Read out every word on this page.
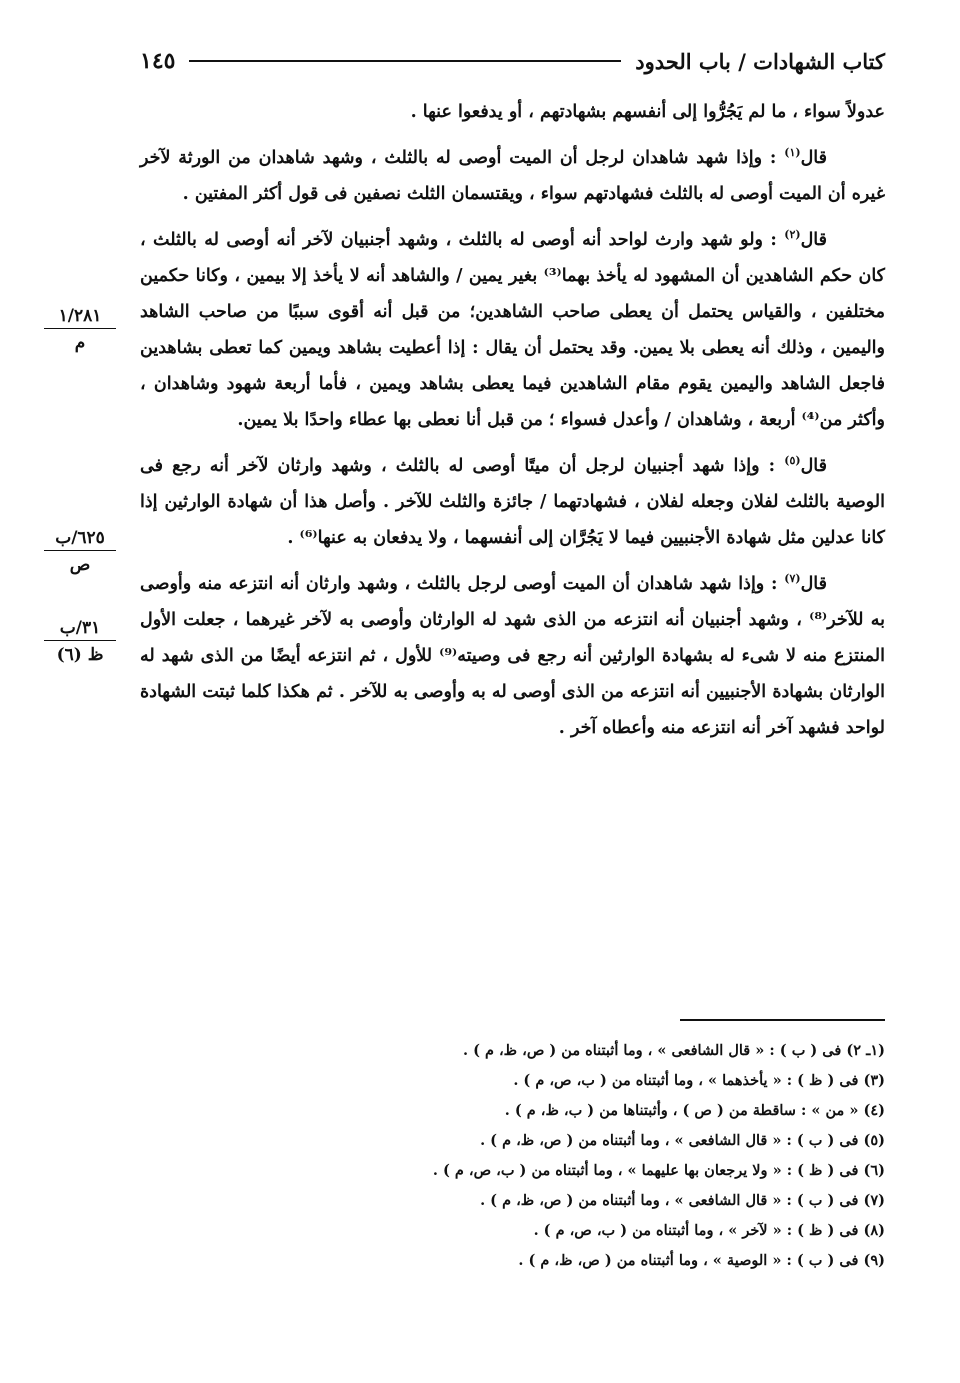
كتاب الشهادات / باب الحدود
١٤٥

عدولاً سواء ، ما لم يَجُرُّوا إلى أنفسهم بشهادتهم ، أو يدفعوا عنها .

قال$^{(١)}$ : وإذا شهد شاهدان لرجل أن الميت أوصى له بالثلث ، وشهد شاهدان من الورثة لآخر غيره أن الميت أوصى له بالثلث فشهادتهم سواء ، ويقتسمان الثلث نصفين فى قول أكثر المفتين .

قال$^{(٢)}$ : ولو شهد وارث لواحد أنه أوصى له بالثلث ، وشهد أجنبيان لآخر أنه أوصى له بالثلث ، كان حكم الشاهدين أن المشهود له يأخذ بهما⁽³⁾ بغير يمين / والشاهد أنه لا يأخذ إلا بيمين ، وكانا حكمين مختلفين ، والقياس يحتمل أن يعطى صاحب الشاهدين؛ من قبل أنه أقوى سببًا من صاحب الشاهد واليمين ، وذلك أنه يعطى بلا يمين. وقد يحتمل أن يقال : إذا أعطيت بشاهد ويمين كما تعطى بشاهدين فاجعل الشاهد واليمين يقوم مقام الشاهدين فيما يعطى بشاهد ويمين ، فأما أربعة شهود وشاهدان ، وأكثر من⁽⁴⁾ أربعة ، وشاهدان / وأعدل فسواء ؛ من قبل أنا نعطى بها عطاء واحدًا بلا يمين.

قال$^{(٥)}$ : وإذا شهد أجنبيان لرجل أن ميتًا أوصى له بالثلث ، وشهد وارثان لآخر أنه رجع فى الوصية بالثلث لفلان وجعله لفلان ، فشهادتهما / جائزة والثلث للآخر . وأصل هذا أن شهادة الوارثين إذا كانا عدلين مثل شهادة الأجنبيين فيما لا يَجُرَّان إلى أنفسهما ، ولا يدفعان به عنها⁽⁶⁾ .

قال$^{(٧)}$ : وإذا شهد شاهدان أن الميت أوصى لرجل بالثلث ، وشهد وارثان أنه انتزعه منه وأوصى به للآخر⁽⁸⁾ ، وشهد أجنبيان أنه انتزعه من الذى شهد له الوارثان وأوصى به لآخر غيرهما ، جعلت الأول المنتزع منه لا شىء له بشهادة الوارثين أنه رجع فى وصيته⁽⁹⁾ للأول ، ثم انتزعه أيضًا من الذى شهد له الوارثان بشهادة الأجنبيين أنه انتزعه من الذى أوصى له به وأوصى به للآخر . ثم هكذا كلما ثبتت الشهادة لواحد فشهد آخر أنه انتزعه منه وأعطاه آخر .

١/٢٨١
م
٦٢٥/ب
ص
٣١/ب
ظ (٦)
(١ـ ٢) فى ( ب ) : « قال الشافعى » ، وما أثبتناه من ( ص، ظ، م ) .
(٣) فى ( ظ ) : « يأخذهما » ، وما أثبتناه من ( ب، ص، م ) .
(٤) « من » : ساقطة من ( ص ) ، وأثبتناها من ( ب، ظ، م ) .
(٥) فى ( ب ) : « قال الشافعى » ، وما أثبتناه من ( ص، ظ، م ) .
(٦) فى ( ظ ) : « ولا يرجعان بها عليهما » ، وما أثبتناه من ( ب، ص، م ) .
(٧) فى ( ب ) : « قال الشافعى » ، وما أثبتناه من ( ص، ظ، م ) .
(٨) فى ( ظ ) : « لآخر » ، وما أثبتناه من ( ب، ص، م ) .
(٩) فى ( ب ) : « الوصية » ، وما أثبتناه من ( ص، ظ، م ) .
